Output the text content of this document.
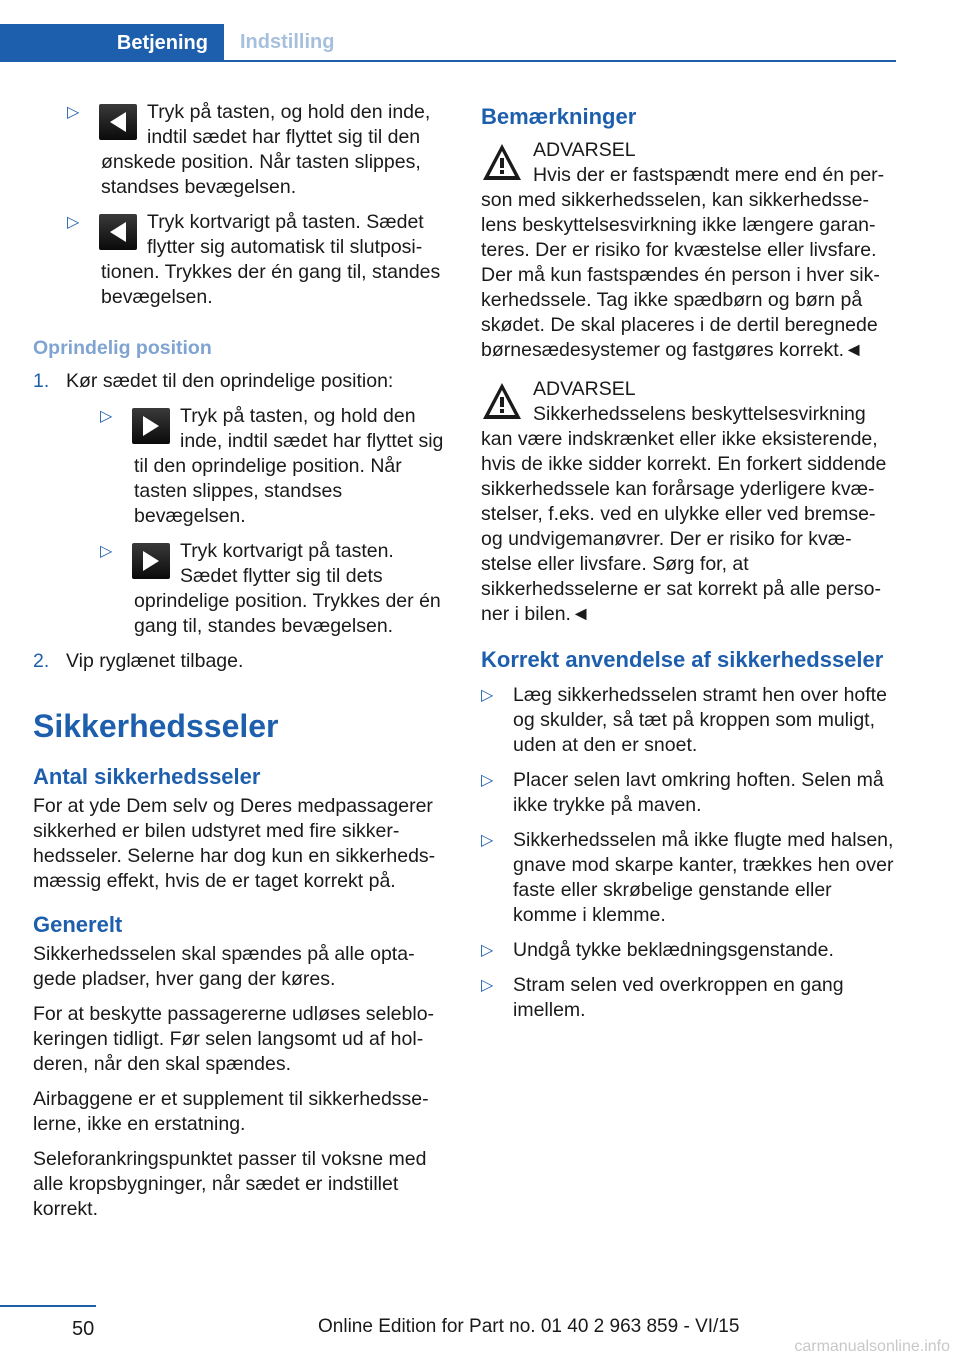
Betjening Indstilling
▷	Tryk på tasten, og hold den inde, indtil sædet har flyttet sig til den ønskede position. Når tasten slippes, standses bevægelsen.
▷	Tryk kortvarigt på tasten. Sædet flytter sig automatisk til slutpositionen. Trykkes der én gang til, standes bevægelsen.
Oprindelig position
1. Kør sædet til den oprindelige position:
▷	Tryk på tasten, og hold den inde, indtil sædet har flyttet sig til den oprindelige position. Når tasten slippes, standses bevægelsen.
▷	Tryk kortvarigt på tasten. Sædet flytter sig til dets oprindelige position. Trykkes der én gang til, standes bevægelsen.
2. Vip ryglænet tilbage.
Sikkerhedsseler
Antal sikkerhedsseler

For at yde Dem selv og Deres medpassagerer sikkerhed er bilen udstyret med fire sikkerhedsseler. Selerne har dog kun en sikkerhedsmæssig effekt, hvis de er taget korrekt på.

Generelt

Sikkerhedsselen skal spændes på alle optagede pladser, hver gang der køres.

For at beskytte passagererne udløses seleblokeringen tidligt. Før selen langsomt ud af holderen, når den skal spændes.

Airbaggene er et supplement til sikkerhedsselerne, ikke en erstatning.

Seleforankringspunktet passer til voksne med alle kropsbygninger, når sædet er indstillet korrekt.

Bemærkninger
ADVARSEL
Hvis der er fastspændt mere end én person med sikkerhedsselen, kan sikkerhedsselens beskyttelsesvirkning ikke længere garanteres. Der er risiko for kvæstelse eller livsfare. Der må kun fastspændes én person i hver sikkerhedssele. Tag ikke spædbørn og børn på skødet. De skal placeres i de dertil beregnede børnesædesystemer og fastgøres korrekt.◄
ADVARSEL
Sikkerhedsselens beskyttelsesvirkning kan være indskrænket eller ikke eksisterende, hvis de ikke sidder korrekt. En forkert siddende sikkerhedssele kan forårsage yderligere kvæstelser, f.eks. ved en ulykke eller ved bremse- og undvigemanøvrer. Der er risiko for kvæstelse eller livsfare. Sørg for, at sikkerhedsselerne er sat korrekt på alle personer i bilen.◄
Korrekt anvendelse af sikkerhedsseler
▷ Læg sikkerhedsselen stramt hen over hofte og skulder, så tæt på kroppen som muligt, uden at den er snoet.
▷ Placer selen lavt omkring hoften. Selen må ikke trykke på maven.
▷ Sikkerhedsselen må ikke flugte med halsen, gnave mod skarpe kanter, trækkes hen over faste eller skrøbelige genstande eller komme i klemme.
▷ Undgå tykke beklædningsgenstande.
▷ Stram selen ved overkroppen en gang imellem.
50	Online Edition for Part no. 01 40 2 963 859 - VI/15
carmanualsonline.info
